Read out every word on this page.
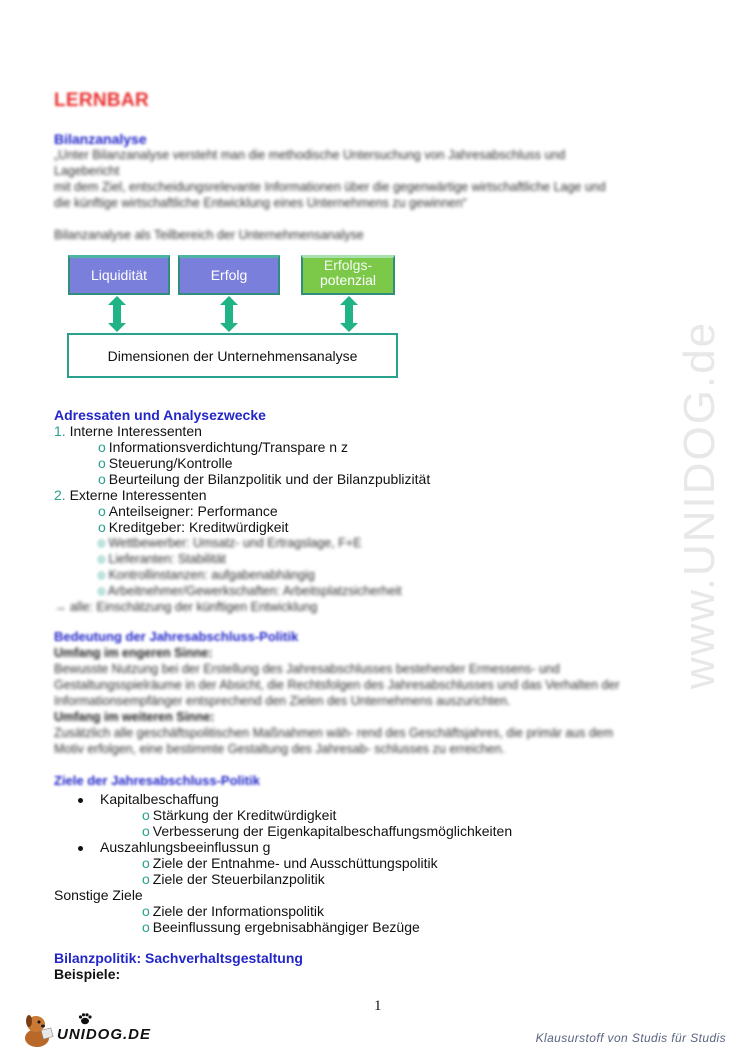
www.UNIDOG.de
LERNBAR
Bilanzanalyse
„Unter Bilanzanalyse versteht man die methodische Untersuchung von Jahresabschluss und
Lagebericht
mit dem Ziel, entscheidungsrelevante Informationen über die gegenwärtige wirtschaftliche Lage und
die künftige wirtschaftliche Entwicklung eines Unternehmens zu gewinnen“
Bilanzanalyse als Teilbereich der Unternehmensanalyse
Liquidität	Erfolg
Erfolgs-
potenzial
Dimensionen der Unternehmensanalyse
Adressaten und Analysezwecke
1. Interne Interessenten
o Informationsverdichtung/Transpare n z
o Steuerung/Kontrolle
o Beurteilung der Bilanzpolitik und der Bilanzpublizität
2. Externe Interessenten
o Anteilseigner: Performance
o Kreditgeber: Kreditwürdigkeit
o Wettbewerber: Umsatz- und Ertragslage, F+E
o Lieferanten: Stabilität
o Kontrollinstanzen: aufgabenabhängig
o Arbeitnehmer/Gewerkschaften: Arbeitsplatzsicherheit
→ alle: Einschätzung der künftigen Entwicklung
Bedeutung der Jahresabschluss-Politik
Umfang im engeren Sinne:
Bewusste Nutzung bei der Erstellung des Jahresabschlusses bestehender Ermessens- und
Gestaltungsspielräume in der Absicht, die Rechtsfolgen des Jahresabschlusses und das Verhalten der
Informationsempfänger entsprechend den Zielen des Unternehmens auszurichten.
Umfang im weiteren Sinne:
Zusätzlich alle geschäftspolitischen Maßnahmen wäh- rend des Geschäftsjahres, die primär aus dem
Motiv erfolgen, eine bestimmte Gestaltung des Jahresab- schlusses zu erreichen.
Ziele der Jahresabschluss-Politik
Kapitalbeschaffung
o Stärkung der Kreditwürdigkeit
o Verbesserung der Eigenkapitalbeschaffungsmöglichkeiten
Auszahlungsbeeinflussun g
o Ziele der Entnahme- und Ausschüttungspolitik
o Ziele der Steuerbilanzpolitik
Sonstige Ziele
o Ziele der Informationspolitik
o Beeinflussung ergebnisabhängiger Bezüge
Bilanzpolitik: Sachverhaltsgestaltung
Beispiele:
1
UNIDOG.DE	Klausurstoff von Studis für Studis
